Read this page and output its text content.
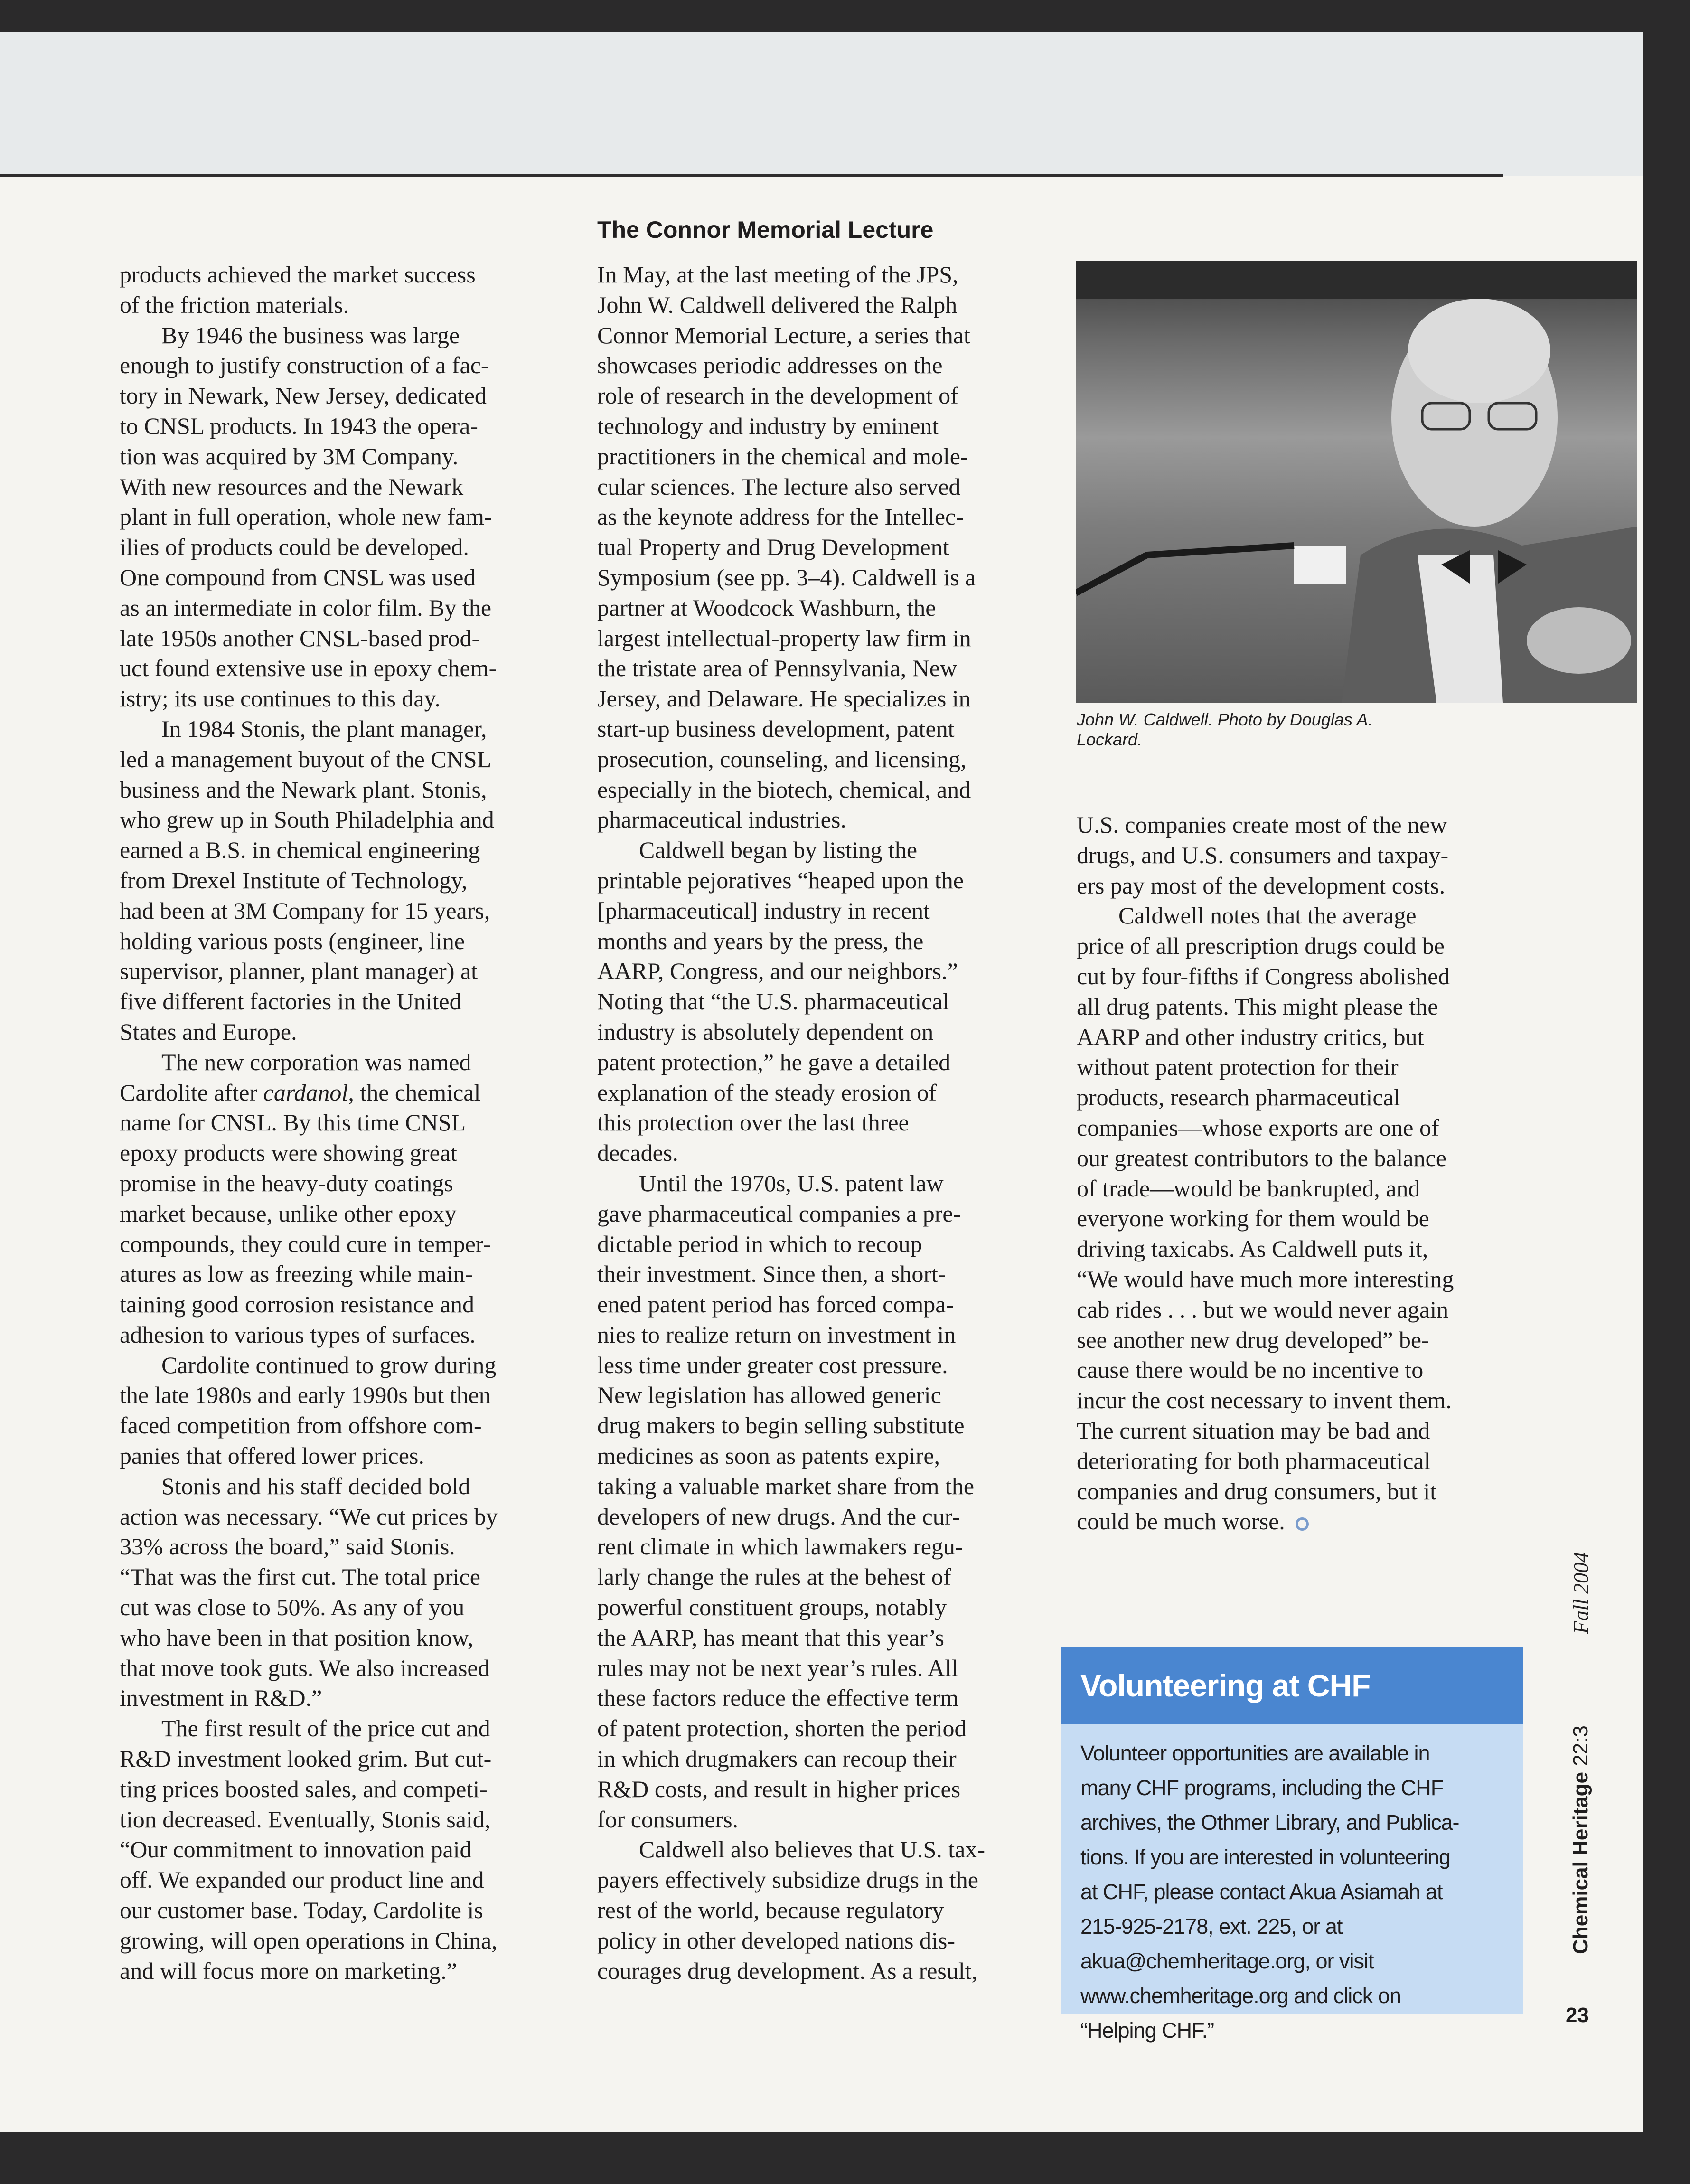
products achieved the market success
of the friction materials.
By 1946 the business was large
enough to justify construction of a fac-
tory in Newark, New Jersey, dedicated
to CNSL products. In 1943 the opera-
tion was acquired by 3M Company.
With new resources and the Newark
plant in full operation, whole new fam-
ilies of products could be developed.
One compound from CNSL was used
as an intermediate in color film. By the
late 1950s another CNSL-based prod-
uct found extensive use in epoxy chem-
istry; its use continues to this day.
In 1984 Stonis, the plant manager,
led a management buyout of the CNSL
business and the Newark plant. Stonis,
who grew up in South Philadelphia and
earned a B.S. in chemical engineering
from Drexel Institute of Technology,
had been at 3M Company for 15 years,
holding various posts (engineer, line
supervisor, planner, plant manager) at
five different factories in the United
States and Europe.
The new corporation was named
Cardolite after cardanol, the chemical
name for CNSL. By this time CNSL
epoxy products were showing great
promise in the heavy-duty coatings
market because, unlike other epoxy
compounds, they could cure in temper-
atures as low as freezing while main-
taining good corrosion resistance and
adhesion to various types of surfaces.
Cardolite continued to grow during
the late 1980s and early 1990s but then
faced competition from offshore com-
panies that offered lower prices.
Stonis and his staff decided bold
action was necessary. “We cut prices by
33% across the board,” said Stonis.
“That was the first cut. The total price
cut was close to 50%. As any of you
who have been in that position know,
that move took guts. We also increased
investment in R&D.”
The first result of the price cut and
R&D investment looked grim. But cut-
ting prices boosted sales, and competi-
tion decreased. Eventually, Stonis said,
“Our commitment to innovation paid
off. We expanded our product line and
our customer base. Today, Cardolite is
growing, will open operations in China,
and will focus more on marketing.”
The Connor Memorial Lecture
In May, at the last meeting of the JPS,
John W. Caldwell delivered the Ralph
Connor Memorial Lecture, a series that
showcases periodic addresses on the
role of research in the development of
technology and industry by eminent
practitioners in the chemical and mole-
cular sciences. The lecture also served
as the keynote address for the Intellec-
tual Property and Drug Development
Symposium (see pp. 3–4). Caldwell is a
partner at Woodcock Washburn, the
largest intellectual-property law firm in
the tristate area of Pennsylvania, New
Jersey, and Delaware. He specializes in
start-up business development, patent
prosecution, counseling, and licensing,
especially in the biotech, chemical, and
pharmaceutical industries.
Caldwell began by listing the
printable pejoratives “heaped upon the
[pharmaceutical] industry in recent
months and years by the press, the
AARP, Congress, and our neighbors.”
Noting that “the U.S. pharmaceutical
industry is absolutely dependent on
patent protection,” he gave a detailed
explanation of the steady erosion of
this protection over the last three
decades.
Until the 1970s, U.S. patent law
gave pharmaceutical companies a pre-
dictable period in which to recoup
their investment. Since then, a short-
ened patent period has forced compa-
nies to realize return on investment in
less time under greater cost pressure.
New legislation has allowed generic
drug makers to begin selling substitute
medicines as soon as patents expire,
taking a valuable market share from the
developers of new drugs. And the cur-
rent climate in which lawmakers regu-
larly change the rules at the behest of
powerful constituent groups, notably
the AARP, has meant that this year’s
rules may not be next year’s rules. All
these factors reduce the effective term
of patent protection, shorten the period
in which drugmakers can recoup their
R&D costs, and result in higher prices
for consumers.
Caldwell also believes that U.S. tax-
payers effectively subsidize drugs in the
rest of the world, because regulatory
policy in other developed nations dis-
courages drug development. As a result,
John W. Caldwell. Photo by Douglas A.
Lockard.
U.S. companies create most of the new
drugs, and U.S. consumers and taxpay-
ers pay most of the development costs.
Caldwell notes that the average
price of all prescription drugs could be
cut by four-fifths if Congress abolished
all drug patents. This might please the
AARP and other industry critics, but
without patent protection for their
products, research pharmaceutical
companies—whose exports are one of
our greatest contributors to the balance
of trade—would be bankrupted, and
everyone working for them would be
driving taxicabs. As Caldwell puts it,
“We would have much more interesting
cab rides . . . but we would never again
see another new drug developed” be-
cause there would be no incentive to
incur the cost necessary to invent them.
The current situation may be bad and
deteriorating for both pharmaceutical
companies and drug consumers, but it
could be much worse.
Volunteering at CHF
Volunteer opportunities are available in
many CHF programs, including the CHF
archives, the Othmer Library, and Publica-
tions. If you are interested in volunteering
at CHF, please contact Akua Asiamah at
215-925-2178, ext. 225, or at
akua@chemheritage.org, or visit
www.chemheritage.org and click on
“Helping CHF.”
Fall 2004
Chemical Heritage 22:3
23
